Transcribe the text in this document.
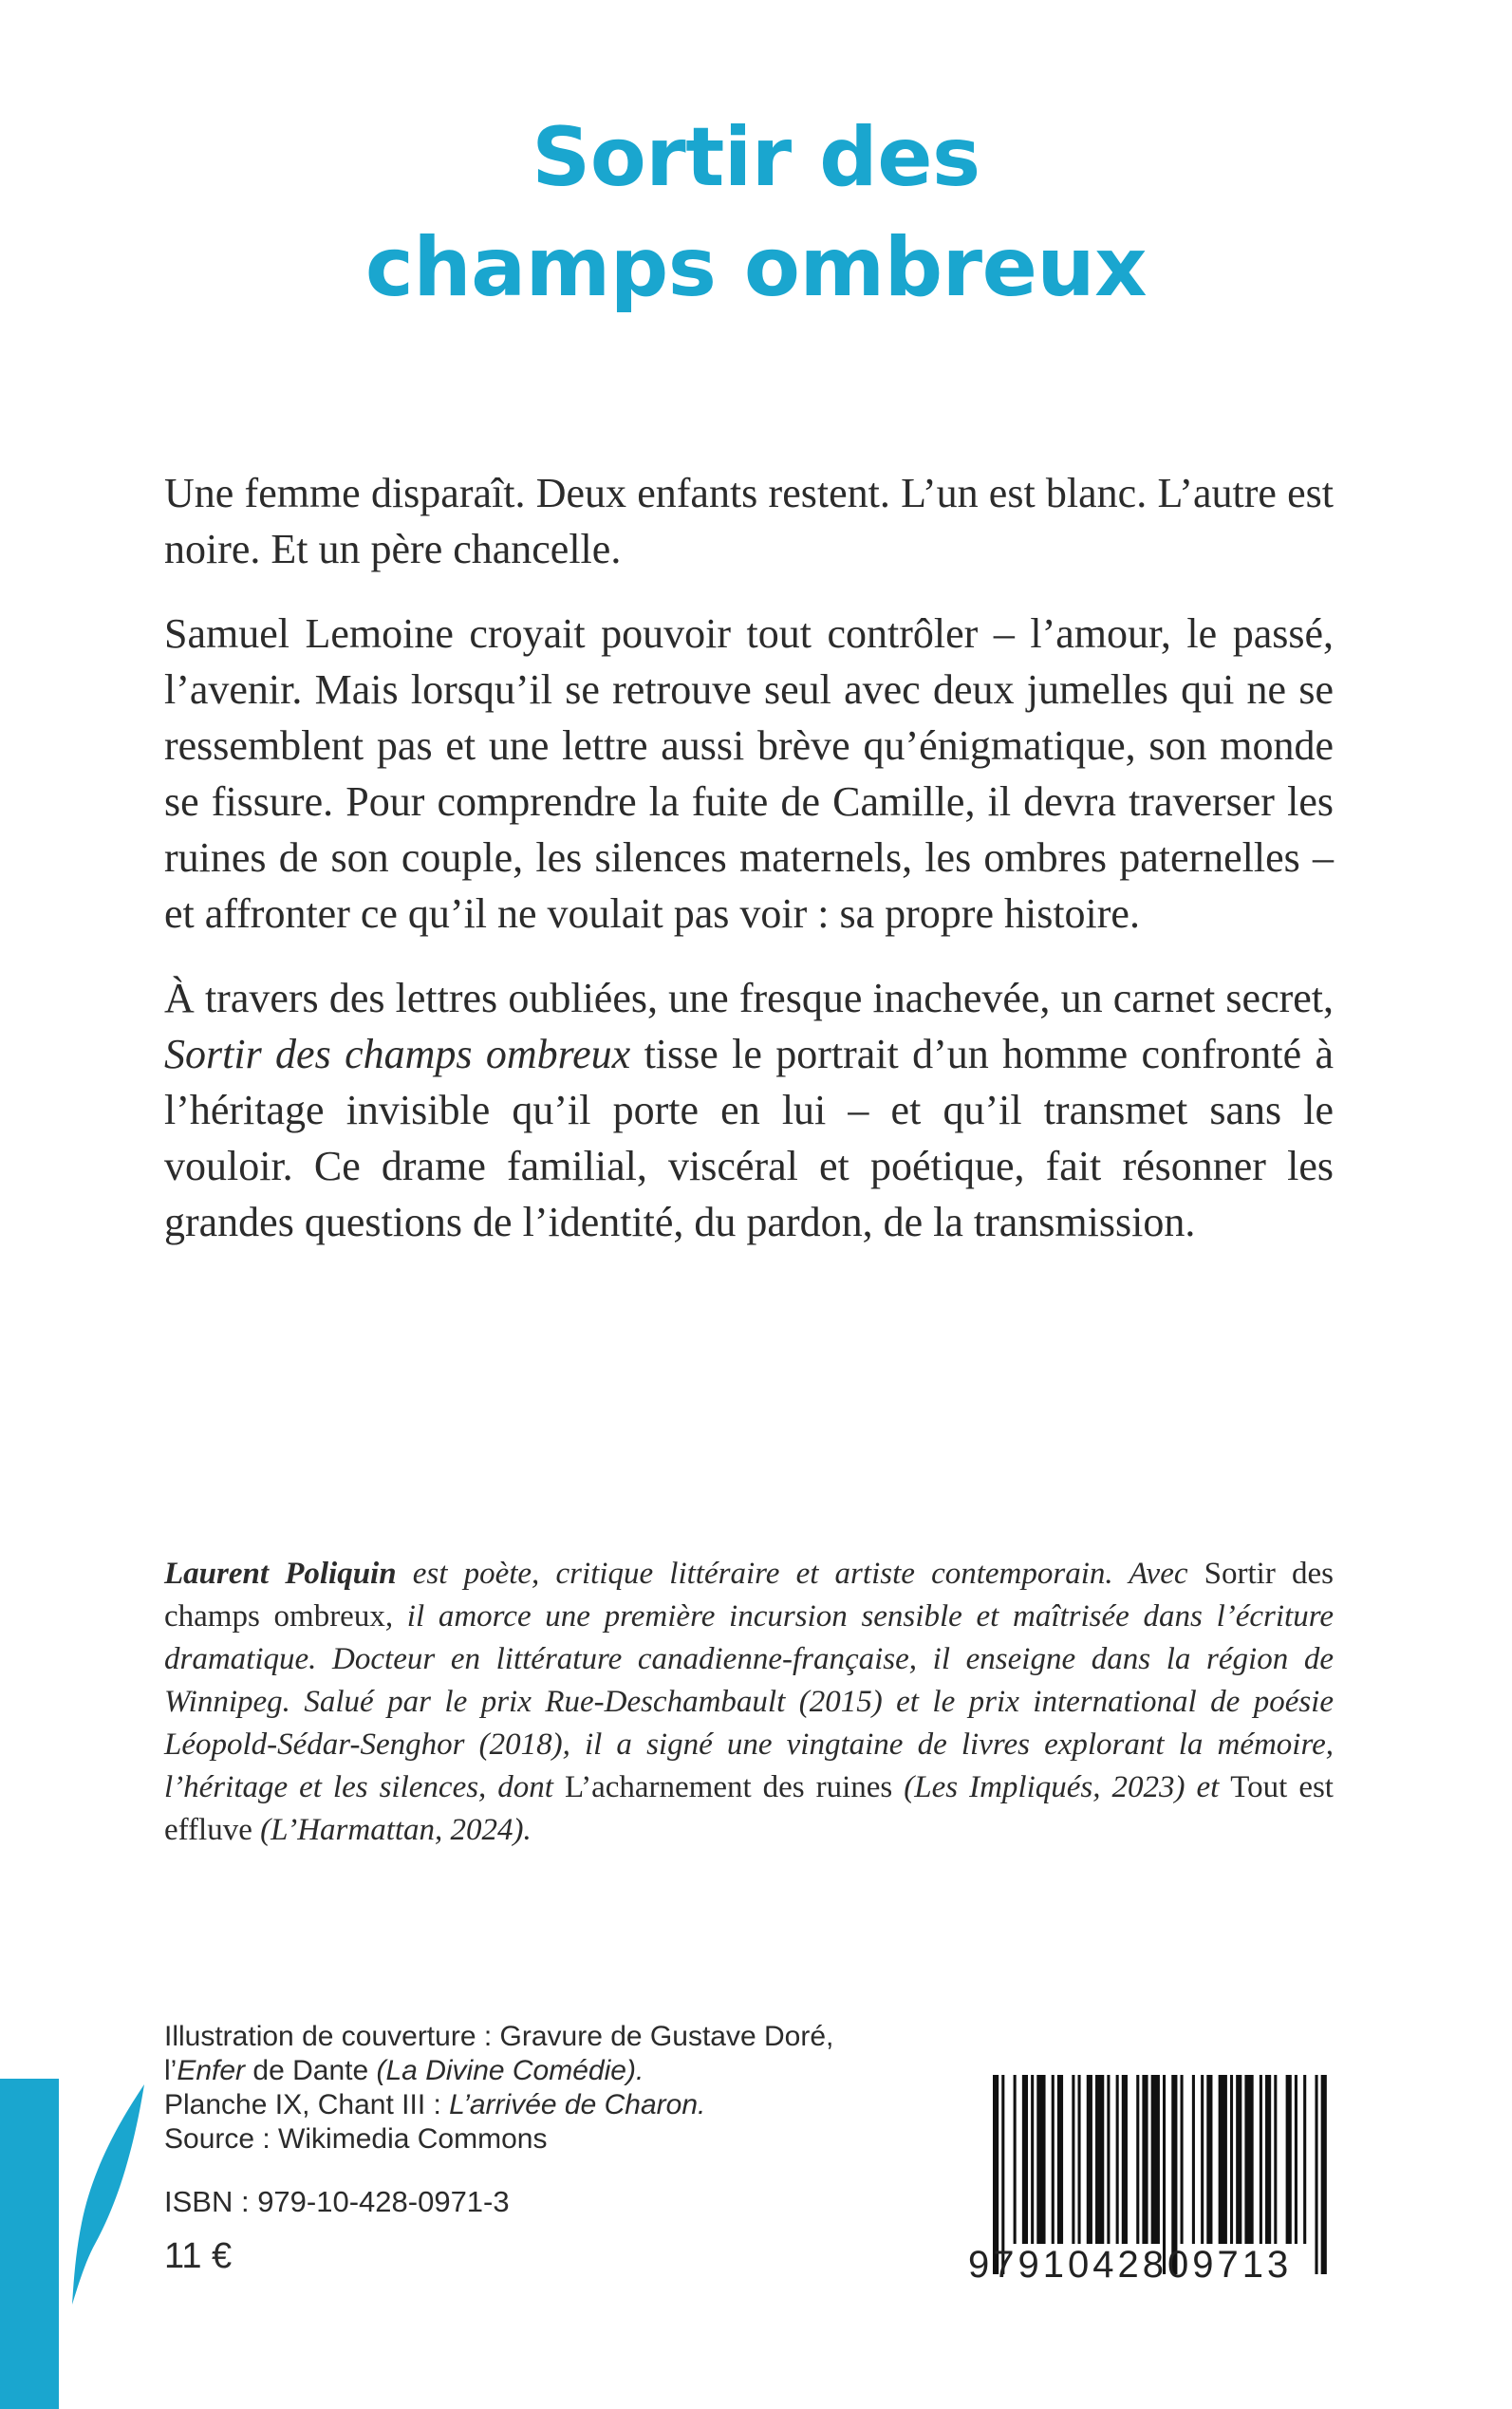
Sortir des
champs ombreux

Une femme disparaît. Deux enfants restent. L’un est blanc. L’autre est noire. Et un père chancelle.

Samuel Lemoine croyait pouvoir tout contrôler – l’amour, le passé, l’avenir. Mais lorsqu’il se retrouve seul avec deux jumelles qui ne se ressemblent pas et une lettre aussi brève qu’énigmatique, son monde se fissure. Pour comprendre la fuite de Camille, il devra traverser les ruines de son couple, les silences maternels, les ombres paternelles – et affronter ce qu’il ne voulait pas voir : sa propre histoire.

À travers des lettres oubliées, une fresque inachevée, un carnet secret, Sortir des champs ombreux tisse le portrait d’un homme confronté à l’héritage invisible qu’il porte en lui – et qu’il transmet sans le vouloir. Ce drame familial, viscéral et poétique, fait résonner les grandes questions de l’identité, du pardon, de la transmission.

Laurent Poliquin est poète, critique littéraire et artiste contemporain. Avec Sortir des champs ombreux, il amorce une première incursion sensible et maîtrisée dans l’écriture dramatique. Docteur en littérature canadienne-française, il enseigne dans la région de Winnipeg. Salué par le prix Rue-Deschambault (2015) et le prix international de poésie Léopold-Sédar-Senghor (2018), il a signé une vingtaine de livres explorant la mémoire, l’héritage et les silences, dont L’acharnement des ruines (Les Impliqués, 2023) et Tout est effluve (L’Harmattan, 2024).
Illustration de couverture : Gravure de Gustave Doré,
l’Enfer de Dante (La Divine Comédie).
Planche IX, Chant III : L’arrivée de Charon.
Source : Wikimedia Commons
ISBN : 979-10-428-0971-3
11 €	9791042809713
